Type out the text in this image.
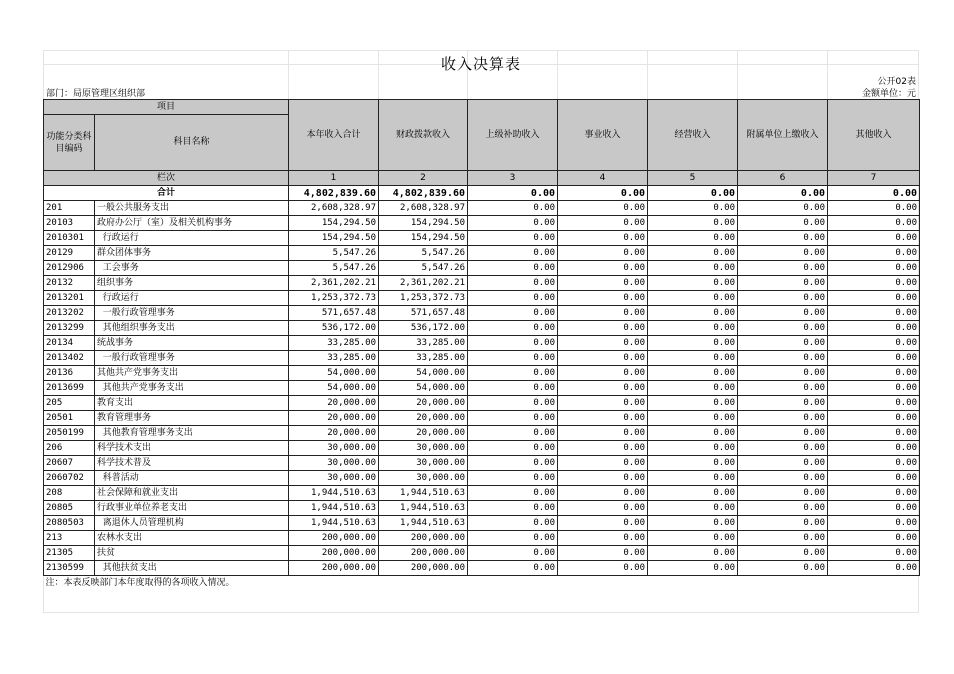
收入决算表
公开02表
部门：局原管理区组织部	金额单位：元
项目		本年收入合计	财政拨款收入	上级补助收入	事业收入	经营收入	附属单位上缴收入	其他收入
功能分类科目编码	科目名称							
栏次		1	2	3	4	5	6	7
合计		4,802,839.60	4,802,839.60	0.00	0.00	0.00	0.00	0.00
201	一般公共服务支出	2,608,328.97	2,608,328.97	0.00	0.00	0.00	0.00	0.00
20103	政府办公厅（室）及相关机构事务	154,294.50	154,294.50	0.00	0.00	0.00	0.00	0.00
2010301	行政运行	154,294.50	154,294.50	0.00	0.00	0.00	0.00	0.00
20129	群众团体事务	5,547.26	5,547.26	0.00	0.00	0.00	0.00	0.00
2012906	工会事务	5,547.26	5,547.26	0.00	0.00	0.00	0.00	0.00
20132	组织事务	2,361,202.21	2,361,202.21	0.00	0.00	0.00	0.00	0.00
2013201	行政运行	1,253,372.73	1,253,372.73	0.00	0.00	0.00	0.00	0.00
2013202	一般行政管理事务	571,657.48	571,657.48	0.00	0.00	0.00	0.00	0.00
2013299	其他组织事务支出	536,172.00	536,172.00	0.00	0.00	0.00	0.00	0.00
20134	统战事务	33,285.00	33,285.00	0.00	0.00	0.00	0.00	0.00
2013402	一般行政管理事务	33,285.00	33,285.00	0.00	0.00	0.00	0.00	0.00
20136	其他共产党事务支出	54,000.00	54,000.00	0.00	0.00	0.00	0.00	0.00
2013699	其他共产党事务支出	54,000.00	54,000.00	0.00	0.00	0.00	0.00	0.00
205	教育支出	20,000.00	20,000.00	0.00	0.00	0.00	0.00	0.00
20501	教育管理事务	20,000.00	20,000.00	0.00	0.00	0.00	0.00	0.00
2050199	其他教育管理事务支出	20,000.00	20,000.00	0.00	0.00	0.00	0.00	0.00
206	科学技术支出	30,000.00	30,000.00	0.00	0.00	0.00	0.00	0.00
20607	科学技术普及	30,000.00	30,000.00	0.00	0.00	0.00	0.00	0.00
2060702	科普活动	30,000.00	30,000.00	0.00	0.00	0.00	0.00	0.00
208	社会保障和就业支出	1,944,510.63	1,944,510.63	0.00	0.00	0.00	0.00	0.00
20805	行政事业单位养老支出	1,944,510.63	1,944,510.63	0.00	0.00	0.00	0.00	0.00
2080503	离退休人员管理机构	1,944,510.63	1,944,510.63	0.00	0.00	0.00	0.00	0.00
213	农林水支出	200,000.00	200,000.00	0.00	0.00	0.00	0.00	0.00
21305	扶贫	200,000.00	200,000.00	0.00	0.00	0.00	0.00	0.00
2130599	其他扶贫支出	200,000.00	200,000.00	0.00	0.00	0.00	0.00	0.00
注：本表反映部门本年度取得的各项收入情况。								
